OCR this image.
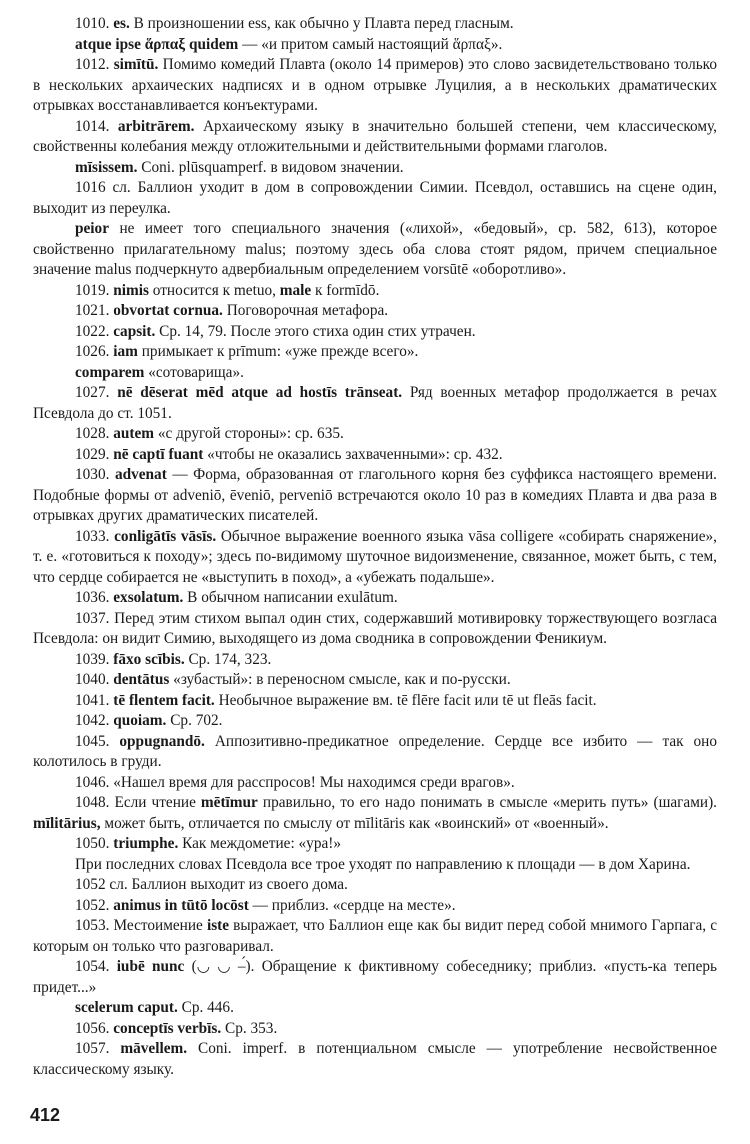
1010. es. В произношении ess, как обычно у Плавта перед гласным.

atque ipse ἅρπαξ quidem — «и притом самый настоящий ἅρπαξ».

1012. simītū. Помимо комедий Плавта (около 14 примеров) это слово засвидетельствовано только в нескольких архаических надписях и в одном отрывке Луцилия, а в нескольких драматических отрывках восстанавливается конъектурами.

1014. arbitrārem. Архаическому языку в значительно большей степени, чем классическому, свойственны колебания между отложительными и действительными формами глаголов.

mīsissem. Coni. plūsquamperf. в видовом значении.

1016 сл. Баллион уходит в дом в сопровождении Симии. Псевдол, оставшись на сцене один, выходит из переулка.

peior не имеет того специального значения («лихой», «бедовый», ср. 582, 613), которое свойственно прилагательному malus; поэтому здесь оба слова стоят рядом, причем специальное значение malus подчеркнуто адвербиальным определением vorsūtē «оборотливо».

1019. nimis относится к metuo, male к formīdō.

1021. obvortat cornua. Поговорочная метафора.

1022. capsit. Ср. 14, 79. После этого стиха один стих утрачен.

1026. iam примыкает к prīmum: «уже прежде всего».

comparem «сотоварища».

1027. nē dēserat mēd atque ad hostīs trānseat. Ряд военных метафор продолжается в речах Псевдола до ст. 1051.

1028. autem «с другой стороны»: ср. 635.

1029. nē captī fuant «чтобы не оказались захваченными»: ср. 432.

1030. advenat — Форма, образованная от глагольного корня без суффикса настоящего времени. Подобные формы от adveniō, ēveniō, perveniō встречаются около 10 раз в комедиях Плавта и два раза в отрывках других драматических писателей.

1033. conligātīs vāsīs. Обычное выражение военного языка vāsa colligere «собирать снаряжение», т. е. «готовиться к походу»; здесь по-видимому шуточное видоизменение, связанное, может быть, с тем, что сердце собирается не «выступить в поход», а «убежать подальше».

1036. exsolatum. В обычном написании exulātum.

1037. Перед этим стихом выпал один стих, содержавший мотивировку торжествующего возгласа Псевдола: он видит Симию, выходящего из дома сводника в сопровождении Феникиум.

1039. fāxo scībis. Ср. 174, 323.

1040. dentātus «зубастый»: в переносном смысле, как и по-русски.

1041. tē flentem facit. Необычное выражение вм. tē flēre facit или tē ut fleās facit.

1042. quoiam. Ср. 702.

1045. oppugnandō. Аппозитивно-предикатное определение. Сердце все избито — так оно колотилось в груди.

1046. «Нашел время для расспросов! Мы находимся среди врагов».

1048. Если чтение mētīmur правильно, то его надо понимать в смысле «мерить путь» (шагами). mīlitārius, может быть, отличается по смыслу от mīlitāris как «воинский» от «военный».

1050. triumphe. Как междометие: «ура!»

При последних словах Псевдола все трое уходят по направлению к площади — в дом Харина.

1052 сл. Баллион выходит из своего дома.

1052. animus in tūtō locōst — приблиз. «сердце на месте».

1053. Местоимение iste выражает, что Баллион еще как бы видит перед собой мнимого Гарпага, с которым он только что разговаривал.

1054. iubē nunc (◡ ◡ –́). Обращение к фиктивному собеседнику; приблиз. «пусть-ка теперь придет...»

scelerum caput. Ср. 446.

1056. conceptīs verbīs. Ср. 353.

1057. māvellem. Coni. imperf. в потенциальном смысле — употребление несвойственное классическому языку.

412
